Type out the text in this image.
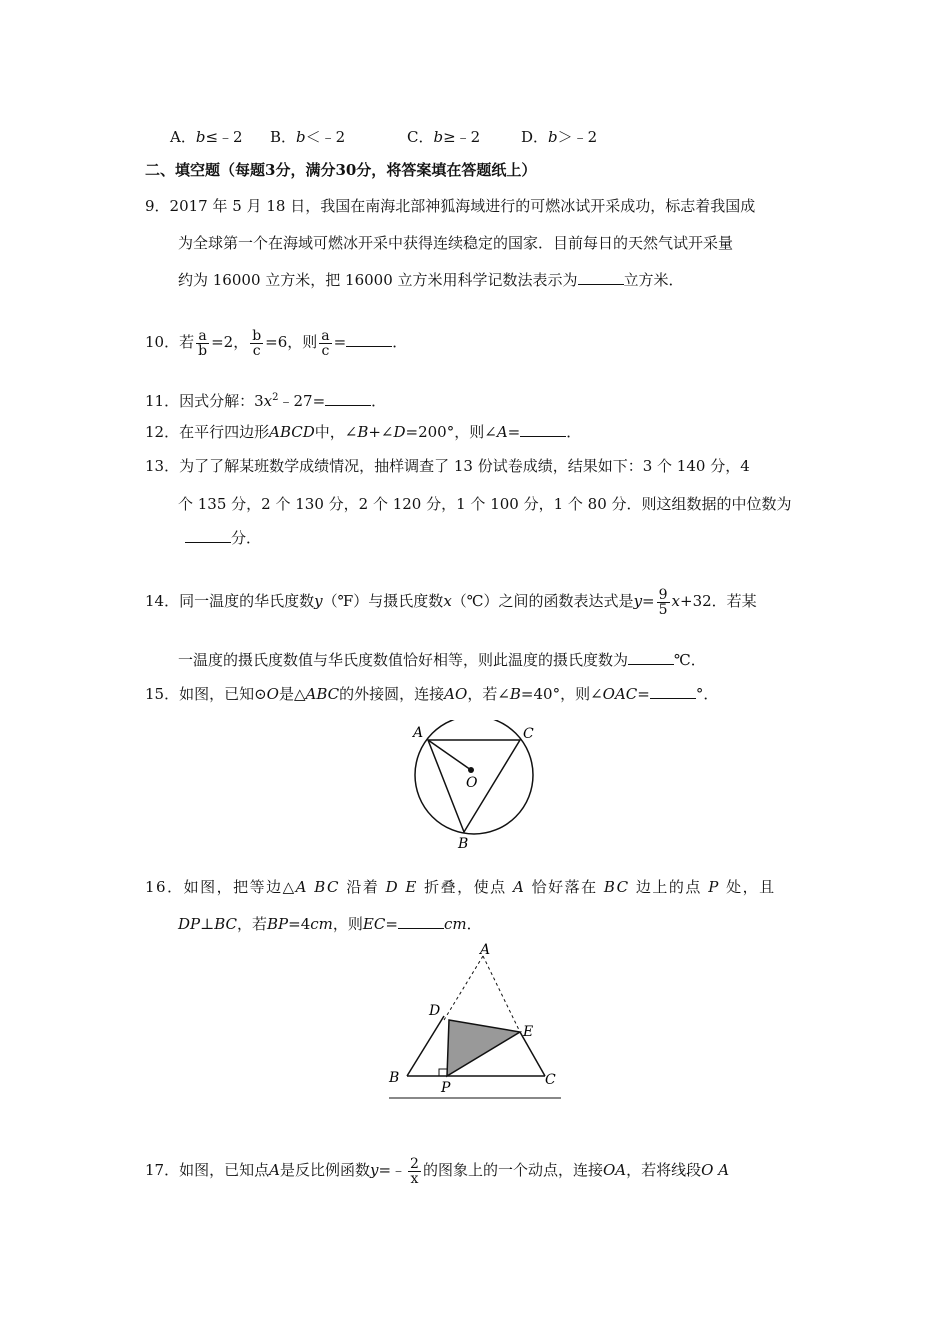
A．b≤﹣2 B．b＜﹣2	C．b≥﹣2	D．b＞﹣2
二、填空题（每题3分，满分30分，将答案填在答题纸上）
9．2017 年 5 月 18 日，我国在南海北部神狐海域进行的可燃冰试开采成功，标志着我国成
为全球第一个在海域可燃冰开采中获得连续稳定的国家．目前每日的天然气试开采量
约为 16000 立方米，把 16000 立方米用科学记数法表示为	立方米．
10．若 $\frac{a}{b} =2$， $\frac{b}{c} =6$，则 $\frac{a}{c}$ =	．
11．因式分解：$3x^2﹣27=$	．
12．在平行四边形ABCD中，∠B+∠D=200°，则∠A=	．
13．为了了解某班数学成绩情况，抽样调查了 13 份试卷成绩，结果如下：3 个 140 分，4
个 135 分，2 个 130 分，2 个 120 分，1 个 100 分，1 个 80 分．则这组数据的中位数为
分．
14．同一温度的华氏度数y（℉）与摄氏度数x（℃）之间的函数表达式是$y= \frac{9}{5} x+32$．若某
一温度的摄氏度数值与华氏度数值恰好相等，则此温度的摄氏度数为	℃．
15．如图，已知⊙O是△ABC的外接圆，连接AO，若∠B=40°，则∠OAC=	°．
A	C
O
B
16．如图，把等边△A BC 沿着 D E 折叠，使点 A 恰好落在 BC 边上的点 P 处，且
DP⊥BC，若BP=4cm，则EC=	cm．
A
D
E
B
P	C
17．如图，已知点A是反比例函数y=﹣ $\frac{2}{x}$ 的图象上的一个动点，连接OA，若将线段O A
